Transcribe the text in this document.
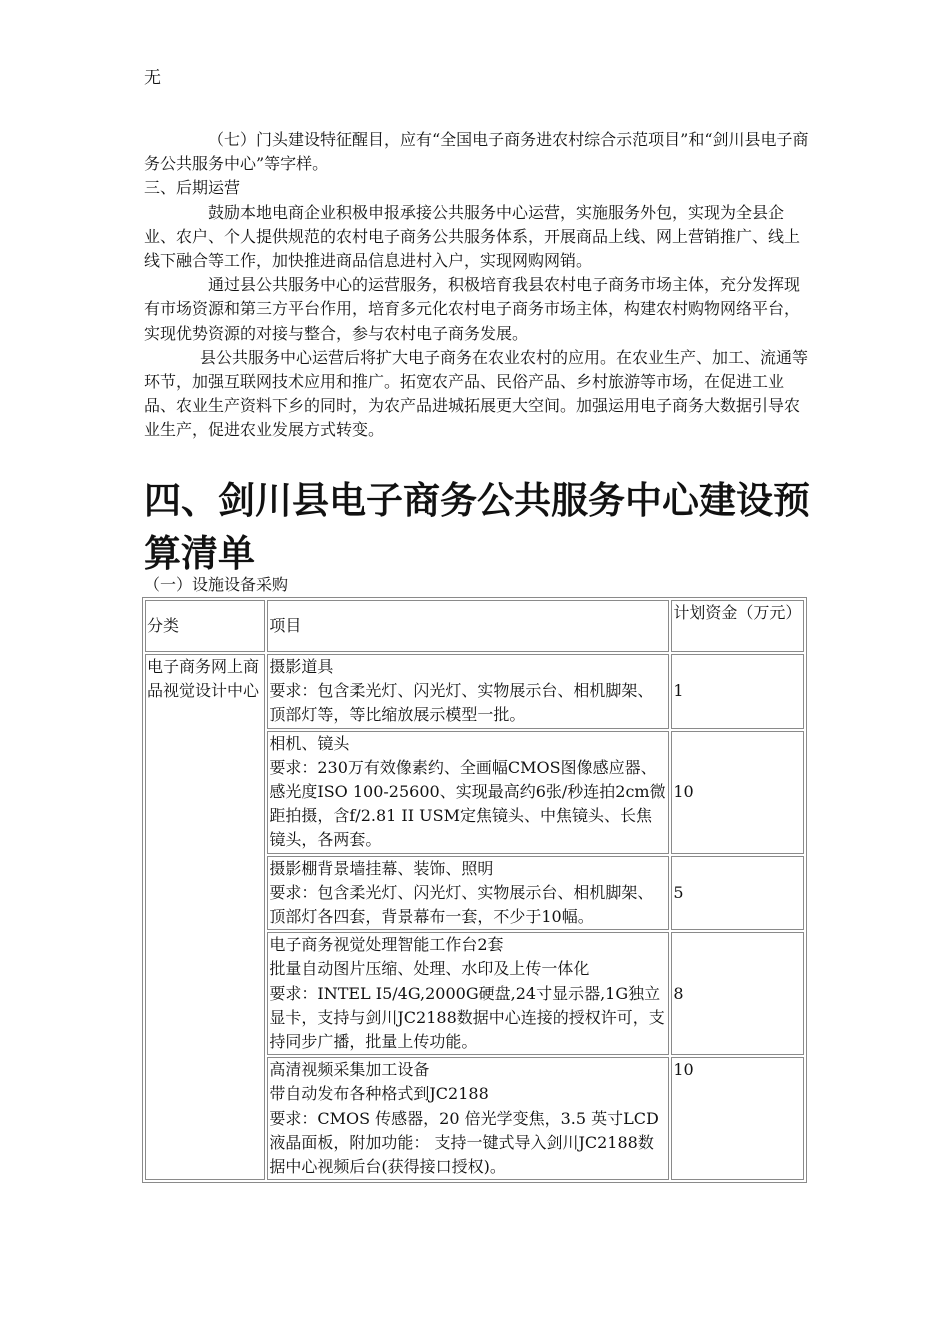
无

（七）门头建设特征醒目，应有“全国电子商务进农村综合示范项目”和“剑川县电子商务公共服务中心”等字样。

三、后期运营

鼓励本地电商企业积极申报承接公共服务中心运营，实施服务外包，实现为全县企业、农户、个人提供规范的农村电子商务公共服务体系，开展商品上线、网上营销推广、线上线下融合等工作，加快推进商品信息进村入户，实现网购网销。

通过县公共服务中心的运营服务，积极培育我县农村电子商务市场主体，充分发挥现有市场资源和第三方平台作用，培育多元化农村电子商务市场主体，构建农村购物网络平台，实现优势资源的对接与整合，参与农村电子商务发展。

县公共服务中心运营后将扩大电子商务在农业农村的应用。在农业生产、加工、流通等环节，加强互联网技术应用和推广。拓宽农产品、民俗产品、乡村旅游等市场，在促进工业品、农业生产资料下乡的同时，为农产品进城拓展更大空间。加强运用电子商务大数据引导农业生产，促进农业发展方式转变。

四、剑川县电子商务公共服务中心建设预算清单
（一）设施设备采购
分类	项目	计划资金（万元）
电子商务网上商品视觉设计中心	摄影道具
要求：包含柔光灯、闪光灯、实物展示台、相机脚架、顶部灯等，等比缩放展示模型一批。	1

	相机、镜头
要求：230万有效像素约、全画幅CMOS图像感应器、感光度ISO 100-25600、实现最高约6张/秒连拍2cm微距拍摄，含f/2.81 II USM定焦镜头、中焦镜头、长焦镜头，各两套。	10

	摄影棚背景墙挂幕、装饰、照明
要求：包含柔光灯、闪光灯、实物展示台、相机脚架、顶部灯各四套，背景幕布一套，不少于10幅。	5

	电子商务视觉处理智能工作台2套
批量自动图片压缩、处理、水印及上传一体化
要求：INTEL I5/4G,2000G硬盘,24寸显示器,1G独立显卡，支持与剑川JC2188数据中心连接的授权许可，支持同步广播，批量上传功能。	8

	高清视频采集加工设备
带自动发布各种格式到JC2188
要求：CMOS 传感器，20 倍光学变焦，3.5 英寸LCD 液晶面板，附加功能： 支持一键式导入剑川JC2188数据中心视频后台(获得接口授权)。	10
